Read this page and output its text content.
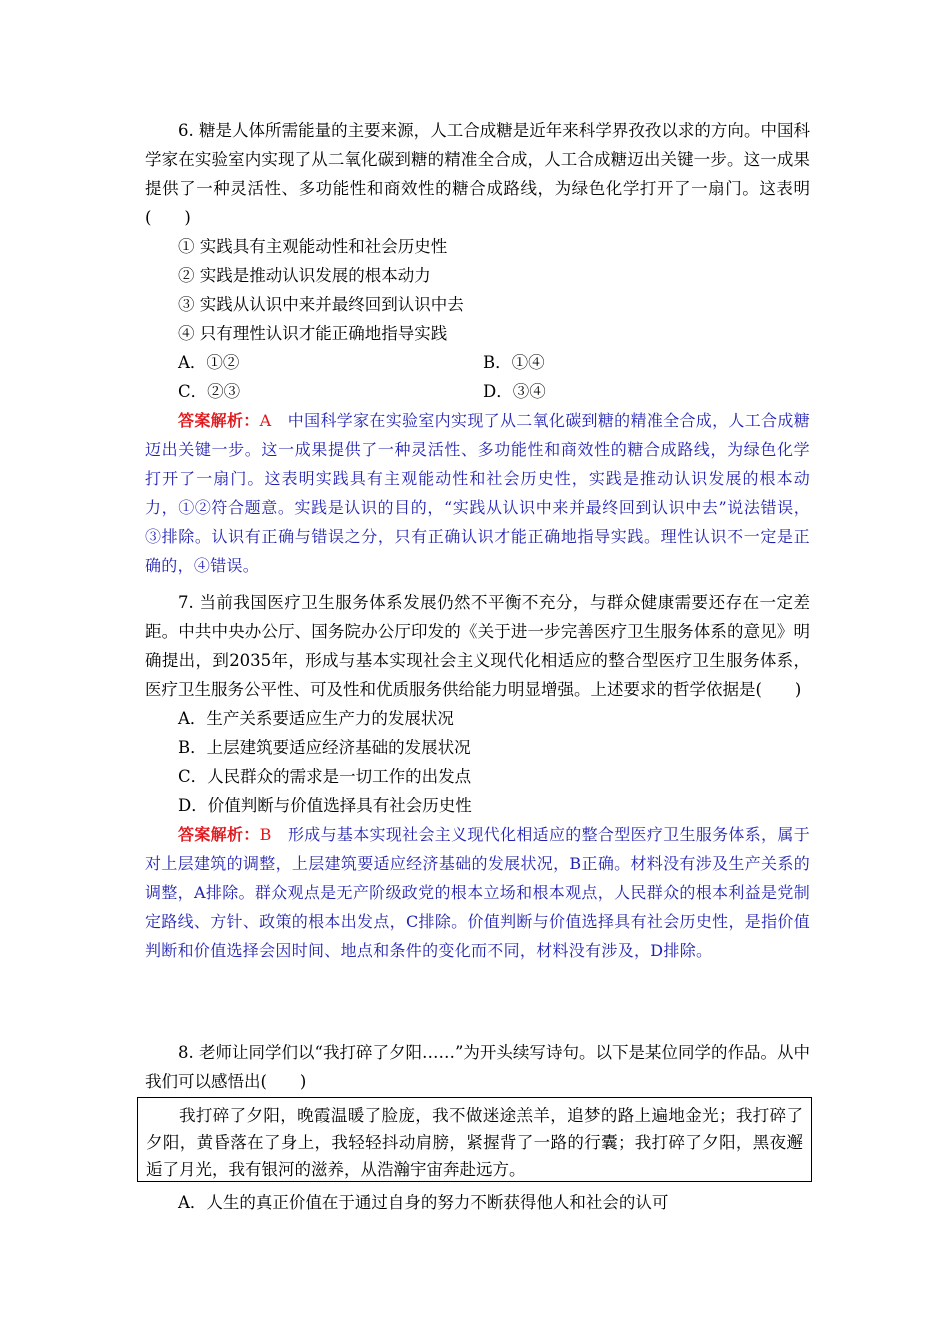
6. 糖是人体所需能量的主要来源，人工合成糖是近年来科学界孜孜以求的方向。中国科学家在实验室内实现了从二氧化碳到糖的精准全合成，人工合成糖迈出关键一步。这一成果提供了一种灵活性、多功能性和商效性的糖合成路线，为绿色化学打开了一扇门。这表明(　　)

① 实践具有主观能动性和社会历史性

② 实践是推动认识发展的根本动力

③ 实践从认识中来并最终回到认识中去

④ 只有理性认识才能正确地指导实践

A．①②	B．①④
C．②③	D．③④

答案解析：A　中国科学家在实验室内实现了从二氧化碳到糖的精准全合成，人工合成糖迈出关键一步。这一成果提供了一种灵活性、多功能性和商效性的糖合成路线，为绿色化学打开了一扇门。这表明实践具有主观能动性和社会历史性，实践是推动认识发展的根本动力，①②符合题意。实践是认识的目的，“实践从认识中来并最终回到认识中去”说法错误，③排除。认识有正确与错误之分，只有正确认识才能正确地指导实践。理性认识不一定是正确的，④错误。

7. 当前我国医疗卫生服务体系发展仍然不平衡不充分，与群众健康需要还存在一定差距。中共中央办公厅、国务院办公厅印发的《关于进一步完善医疗卫生服务体系的意见》明确提出，到2035年，形成与基本实现社会主义现代化相适应的整合型医疗卫生服务体系，医疗卫生服务公平性、可及性和优质服务供给能力明显增强。上述要求的哲学依据是(　　)

A．生产关系要适应生产力的发展状况

B．上层建筑要适应经济基础的发展状况

C．人民群众的需求是一切工作的出发点

D．价值判断与价值选择具有社会历史性

答案解析：B　形成与基本实现社会主义现代化相适应的整合型医疗卫生服务体系，属于对上层建筑的调整，上层建筑要适应经济基础的发展状况，B正确。材料没有涉及生产关系的调整，A排除。群众观点是无产阶级政党的根本立场和根本观点，人民群众的根本利益是党制定路线、方针、政策的根本出发点，C排除。价值判断与价值选择具有社会历史性，是指价值判断和价值选择会因时间、地点和条件的变化而不同，材料没有涉及，D排除。

8. 老师让同学们以“我打碎了夕阳……”为开头续写诗句。以下是某位同学的作品。从中我们可以感悟出(　　)

我打碎了夕阳，晚霞温暖了脸庞，我不做迷途羔羊，追梦的路上遍地金光；我打碎了夕阳，黄昏落在了身上，我轻轻抖动肩膀，紧握背了一路的行囊；我打碎了夕阳，黑夜邂逅了月光，我有银河的滋养，从浩瀚宇宙奔赴远方。

A．人生的真正价值在于通过自身的努力不断获得他人和社会的认可
